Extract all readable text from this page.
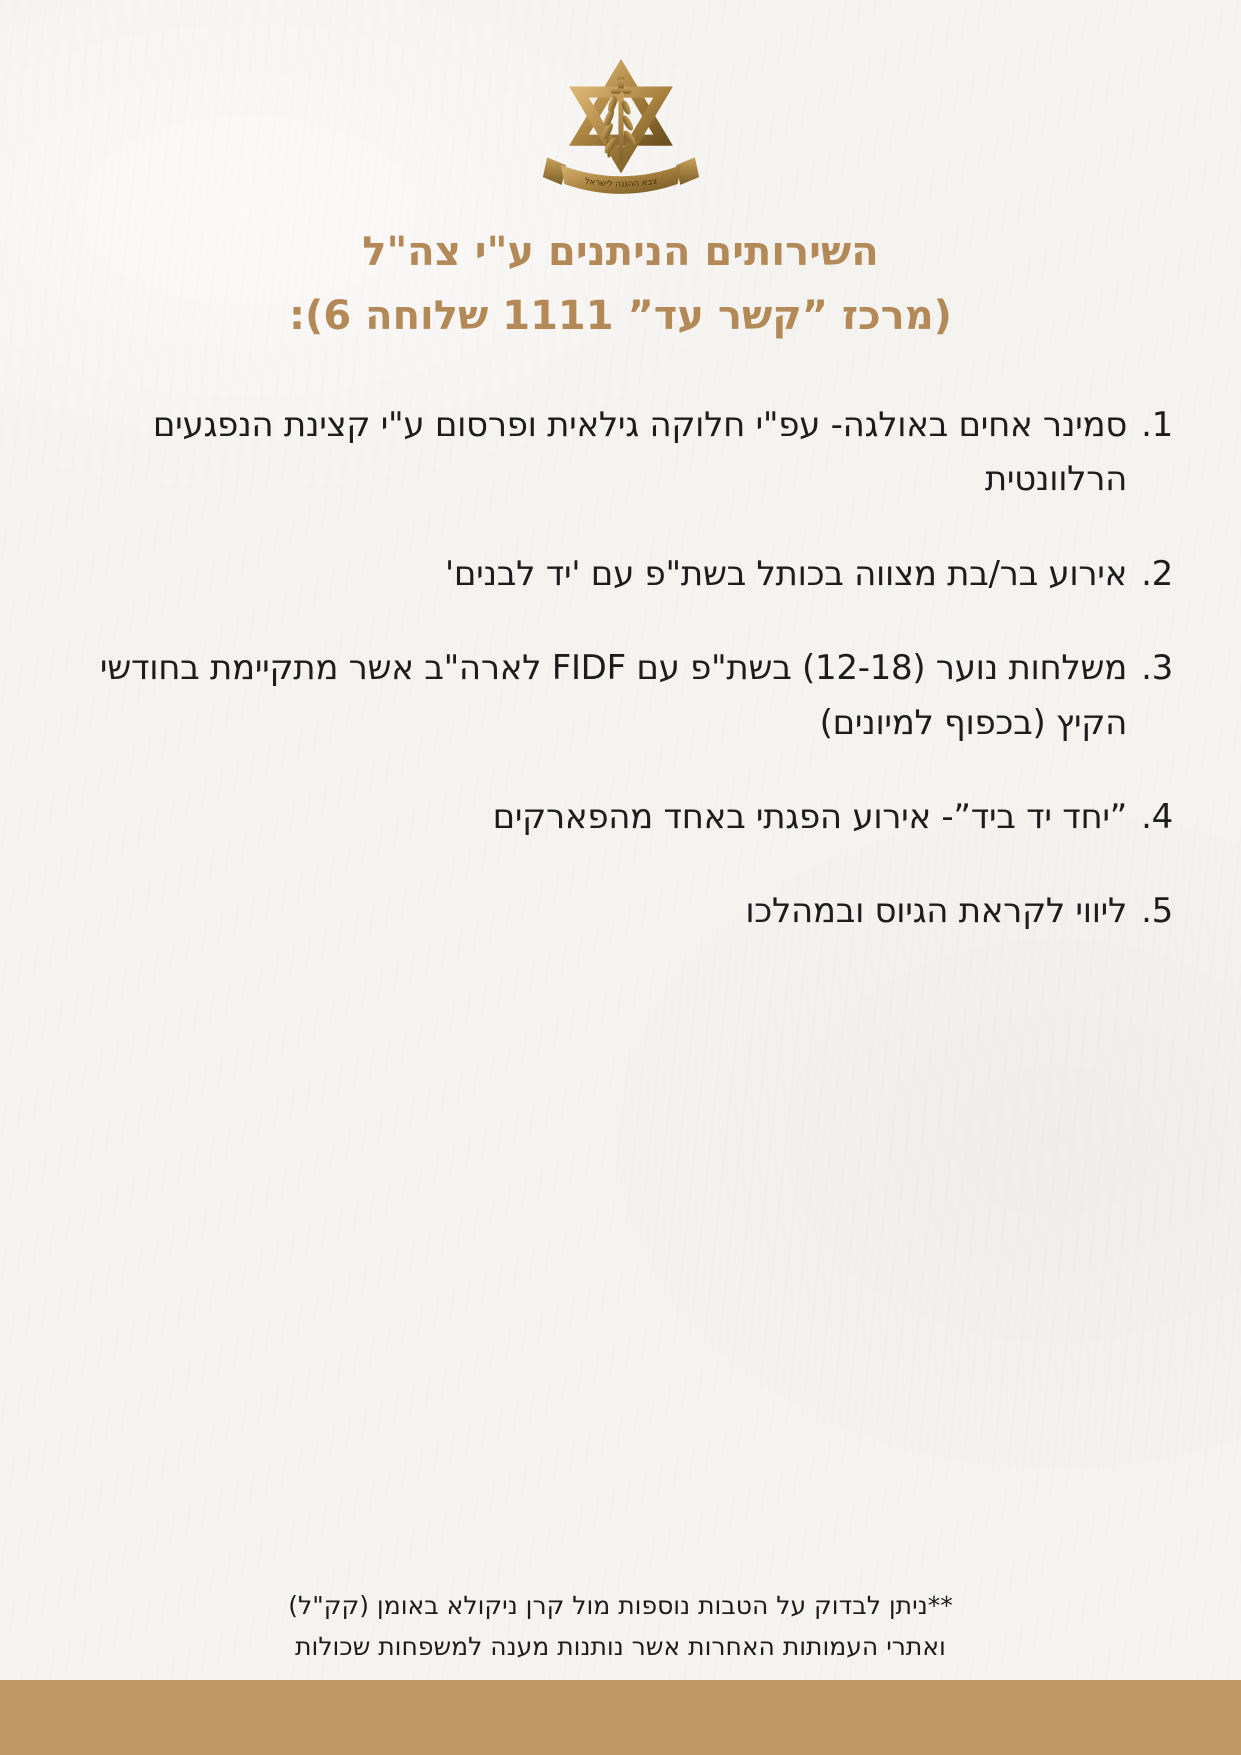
צבא ההגנה לישראל
השירותים הניתנים ע"י צה"ל
(מרכז ”קשר עד” 1111 שלוחה 6):
1.
סמינר אחים באולגה- עפ"י חלוקה גילאית ופרסום ע"י קצינת הנפגעים הרלוונטית
2.
אירוע בר/בת מצווה בכותל בשת"פ עם 'יד לבנים'
3.
משלחות נוער (12-18) בשת"פ עם FIDF לארה"ב אשר מתקיימת בחודשי הקיץ (בכפוף למיונים)
4.
”יחד יד ביד”- אירוע הפגתי באחד מהפארקים
5.
ליווי לקראת הגיוס ובמהלכו
**ניתן לבדוק על הטבות נוספות מול קרן ניקולא באומן (קק"ל)
ואתרי העמותות האחרות אשר נותנות מענה למשפחות שכולות
